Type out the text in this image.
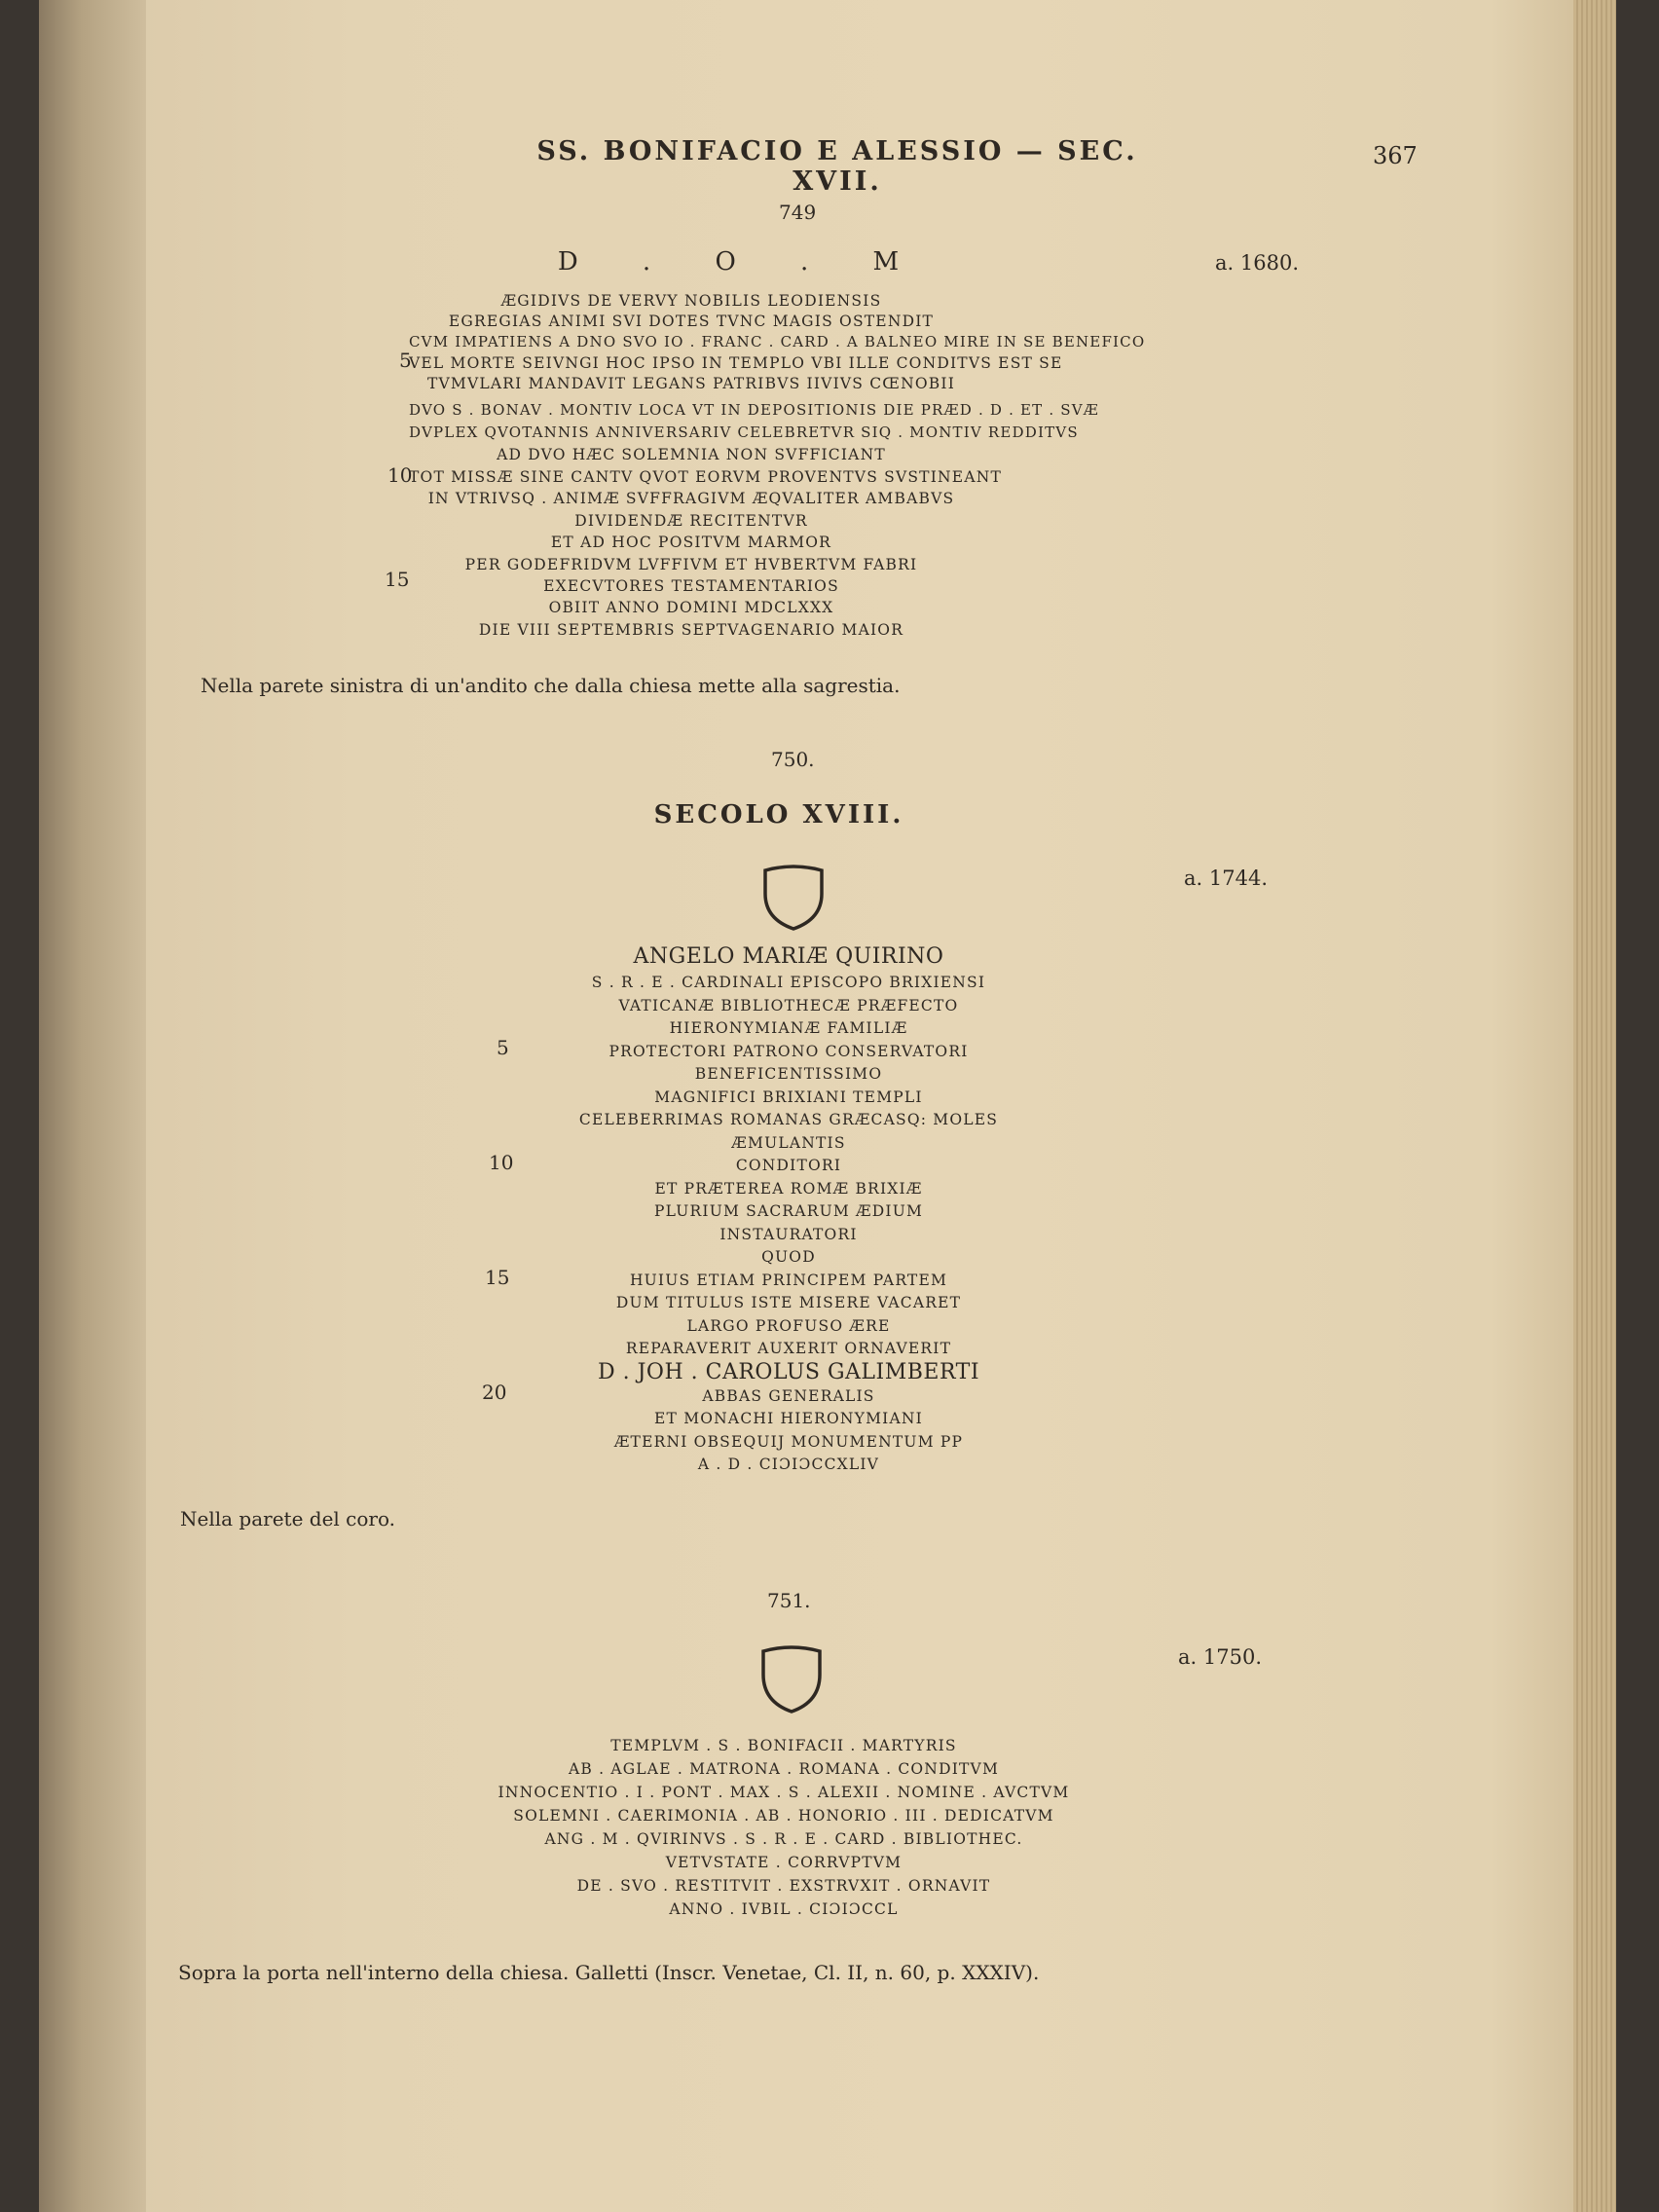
SS. BONIFACIO E ALESSIO — SEC. XVII.
367
749
a. 1680.
D . O . M
ÆGIDIVS DE VERVY NOBILIS LEODIENSIS
EGREGIAS ANIMI SVI DOTES TVNC MAGIS OSTENDIT
CVM IMPATIENS A DNO SVO IO . FRANC . CARD . A BALNEO MIRE IN SE BENEFICO
VEL MORTE SEIVNGI HOC IPSO IN TEMPLO VBI ILLE CONDITVS EST SE
TVMVLARI MANDAVIT LEGANS PATRIBVS IIVIVS CŒNOBII
DVO S . BONAV . MONTIV LOCA VT IN DEPOSITIONIS DIE PRÆD . D . ET . SVÆ
DVPLEX QVOTANNIS ANNIVERSARIV CELEBRETVR SIQ . MONTIV REDDITVS
AD DVO HÆC SOLEMNIA NON SVFFICIANT
TOT MISSÆ SINE CANTV QVOT EORVM PROVENTVS SVSTINEANT
IN VTRIVSQ . ANIMÆ SVFFRAGIVM ÆQVALITER AMBABVS
DIVIDENDÆ RECITENTVR
ET AD HOC POSITVM MARMOR
PER GODEFRIDVM LVFFIVM ET HVBERTVM FABRI
EXECVTORES TESTAMENTARIOS
OBIIT ANNO DOMINI MDCLXXX
DIE VIII SEPTEMBRIS SEPTVAGENARIO MAIOR
5
10
15
Nella parete sinistra di un'andito che dalla chiesa mette alla sagrestia.
750.
SECOLO XVIII.
a. 1744.
ANGELO MARIÆ QUIRINO
S . R . E . CARDINALI EPISCOPO BRIXIENSI
VATICANÆ BIBLIOTHECÆ PRÆFECTO
HIERONYMIANÆ FAMILIÆ
PROTECTORI PATRONO CONSERVATORI
BENEFICENTISSIMO
MAGNIFICI BRIXIANI TEMPLI
CELEBERRIMAS ROMANAS GRÆCASQ: MOLES
ÆMULANTIS
CONDITORI
ET PRÆTEREA ROMÆ BRIXIÆ
PLURIUM SACRARUM ÆDIUM
INSTAURATORI
QUOD
HUIUS ETIAM PRINCIPEM PARTEM
DUM TITULUS ISTE MISERE VACARET
LARGO PROFUSO ÆRE
REPARAVERIT AUXERIT ORNAVERIT
D . JOH . CAROLUS GALIMBERTI
ABBAS GENERALIS
ET MONACHI HIERONYMIANI
ÆTERNI OBSEQUIJ MONUMENTUM PP
A . D . CIƆIƆCCXLIV
5
10
15
20
Nella parete del coro.
751.
a. 1750.
TEMPLVM . S . BONIFACII . MARTYRIS
AB . AGLAE . MATRONA . ROMANA . CONDITVM
INNOCENTIO . I . PONT . MAX . S . ALEXII . NOMINE . AVCTVM
SOLEMNI . CAERIMONIA . AB . HONORIO . III . DEDICATVM
ANG . M . QVIRINVS . S . R . E . CARD . BIBLIOTHEC.
VETVSTATE . CORRVPTVM
DE . SVO . RESTITVIT . EXSTRVXIT . ORNAVIT
ANNO . IVBIL . CIƆIƆCCL
Sopra la porta nell'interno della chiesa. Galletti (Inscr. Venetae, Cl. II, n. 60, p. XXXIV).
